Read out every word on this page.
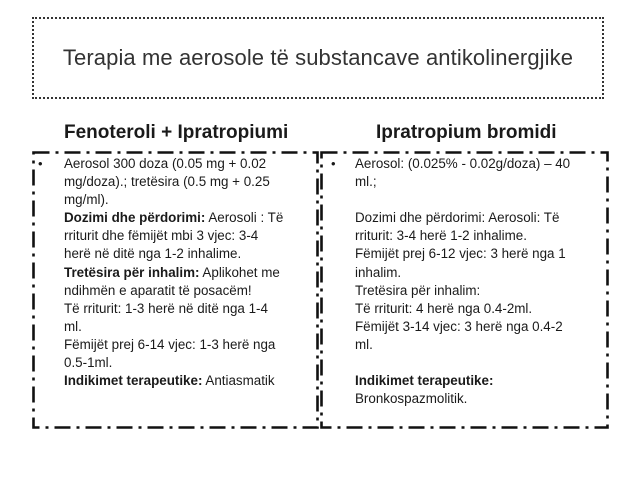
Terapia me aerosole të substancave antikolinergjike
Fenoteroli + Ipratropiumi	Ipratropium bromidi
• Aerosol 300 doza (0.05 mg + 0.02

mg/doza).; tretësira (0.5 mg + 0.25

mg/ml).

Dozimi dhe përdorimi: Aerosoli : Të

rriturit dhe fëmijët mbi 3 vjec: 3-4

herë në ditë nga 1-2 inhalime.

Tretësira për inhalim: Aplikohet me

ndihmën e aparatit të posacëm!

Të rriturit: 1-3 herë në ditë nga 1-4

ml.

Fëmijët prej 6-14 vjec: 1-3 herë nga

0.5-1ml.

Indikimet terapeutike: Antiasmatik

• Aerosol: (0.025% - 0.02g/doza) – 40

ml.;

Dozimi dhe përdorimi: Aerosoli: Të

rriturit: 3-4 herë 1-2 inhalime.

Fëmijët prej 6-12 vjec: 3 herë nga 1

inhalim.

Tretësira për inhalim:

Të rriturit: 4 herë nga 0.4-2ml.

Fëmijët 3-14 vjec: 3 herë nga 0.4-2

ml.

Indikimet terapeutike:

Bronkospazmolitik.
